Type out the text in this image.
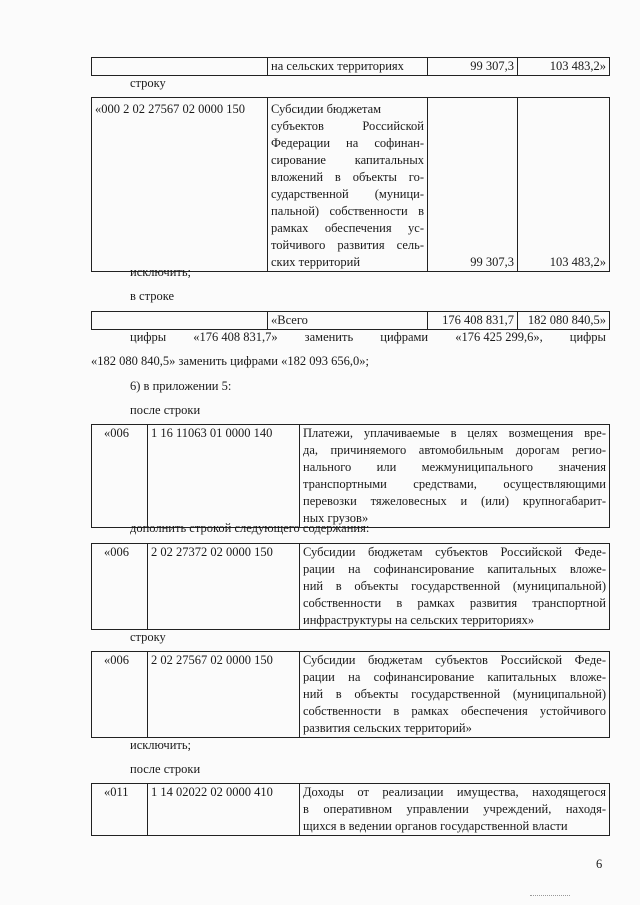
	на сельских территориях	99 307,3	103 483,2»
строку
«000 2 02 27567 02 0000 150	Субсидии бюджетам
субъектов Российской
Федерации на софинан-
сирование капитальных
вложений в объекты го-
сударственной (муници-
пальной) собственности в
рамках обеспечения ус-
тойчивого развития сель-
ских территорий	99 307,3	103 483,2»
исключить;
в строке
	«Всего	176 408 831,7	182 080 840,5»
цифры «176 408 831,7» заменить цифрами «176 425 299,6», цифры
«182 080 840,5» заменить цифрами «182 093 656,0»;
6) в приложении 5:
после строки
«006	1 16 11063 01 0000 140	Платежи, уплачиваемые в целях возмещения вре-
да, причиняемого автомобильным дорогам регио-
нального или межмуниципального значения
транспортными средствами, осуществляющими
перевозки тяжеловесных и (или) крупногабарит-
ных грузов»
дополнить строкой следующего содержания:
«006	2 02 27372 02 0000 150	Субсидии бюджетам субъектов Российской Феде-
рации на софинансирование капитальных вложе-
ний в объекты государственной (муниципальной)
собственности в рамках развития транспортной
инфраструктуры на сельских территориях»
строку
«006	2 02 27567 02 0000 150	Субсидии бюджетам субъектов Российской Феде-
рации на софинансирование капитальных вложе-
ний в объекты государственной (муниципальной)
собственности в рамках обеспечения устойчивого
развития сельских территорий»
исключить;
после строки
«011	1 14 02022 02 0000 410	Доходы от реализации имущества, находящегося
в оперативном управлении учреждений, находя-
щихся в ведении органов государственной власти
6
